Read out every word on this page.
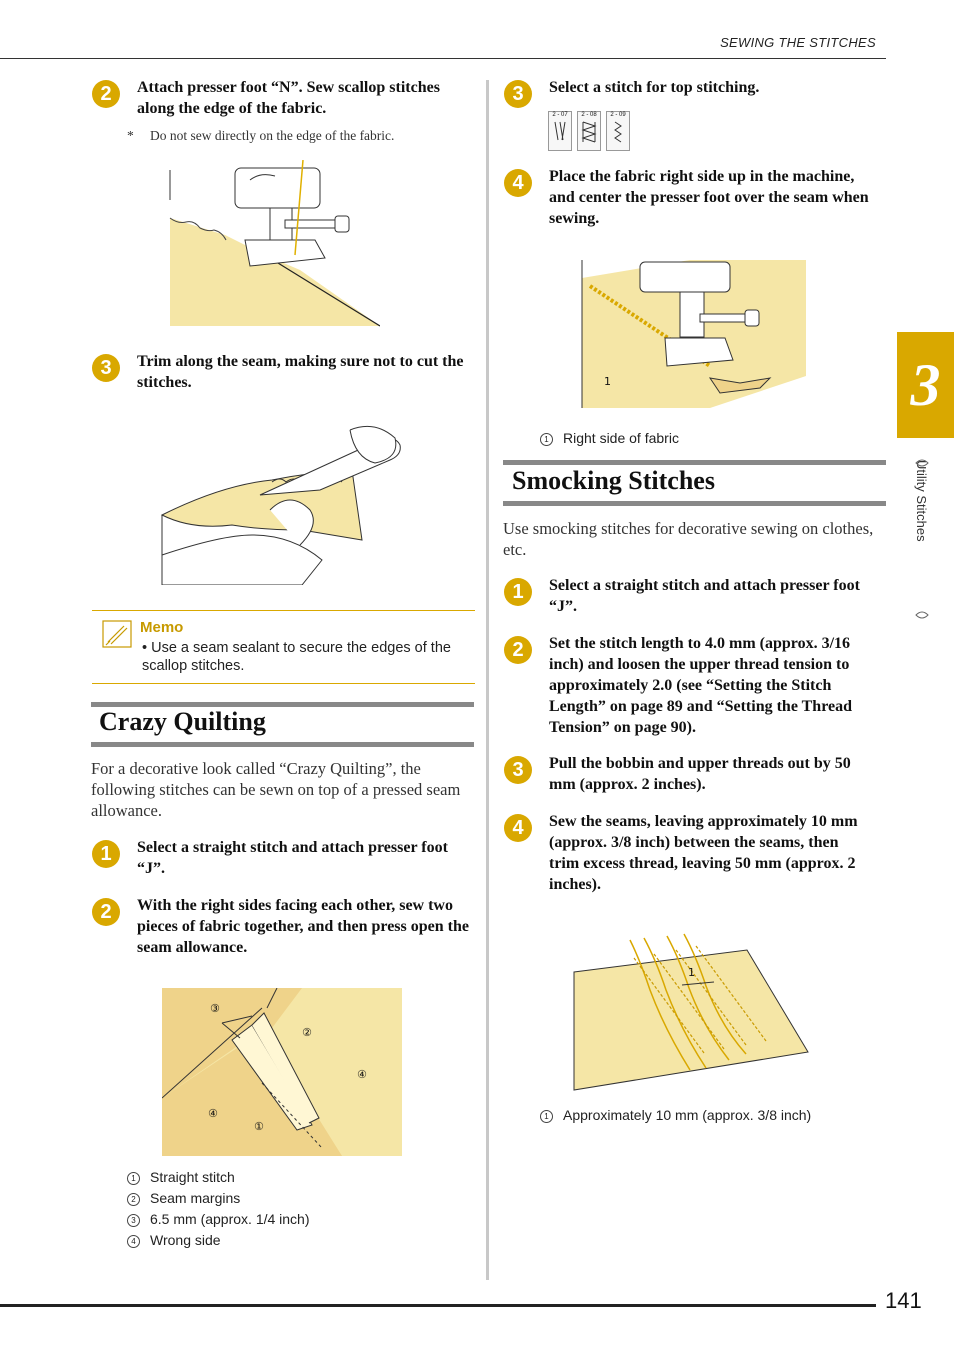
SEWING THE STITCHES
2	Attach presser foot “N”. Sew scallop stitches along the edge of the fabric.
* Do not sew directly on the edge of the fabric.
3	Trim along the seam, making sure not to cut the stitches.
Memo
• Use a seam sealant to secure the edges of the scallop stitches.
Crazy Quilting
For a decorative look called “Crazy Quilting”, the following stitches can be sewn on top of a pressed seam allowance.
1	Select a straight stitch and attach presser foot “J”.
2	With the right sides facing each other, sew two pieces of fabric together, and then press open the seam allowance.
③
②
④
④
①
1 Straight stitch
2 Seam margins
3 6.5 mm (approx. 1/4 inch)
4 Wrong side
3	Select a stitch for top stitching.
2 - 07	2 - 08	2 - 09
4	Place the fabric right side up in the machine, and center the presser foot over the seam when sewing.
1
1 Right side of fabric
Smocking Stitches
Use smocking stitches for decorative sewing on clothes, etc.
1	Select a straight stitch and attach presser foot “J”.
2	Set the stitch length to 4.0 mm (approx. 3/16 inch) and loosen the upper thread tension to approximately 2.0 (see “Setting the Stitch Length” on page 89 and “Setting the Thread Tension” on page 90).
3	Pull the bobbin and upper threads out by 50 mm (approx. 2 inches).
4	Sew the seams, leaving approximately 10 mm (approx. 3/8 inch) between the seams, then trim excess thread, leaving 50 mm (approx. 2 inches).
1
1 Approximately 10 mm (approx. 3/8 inch)
3
Utility Stitches
141
